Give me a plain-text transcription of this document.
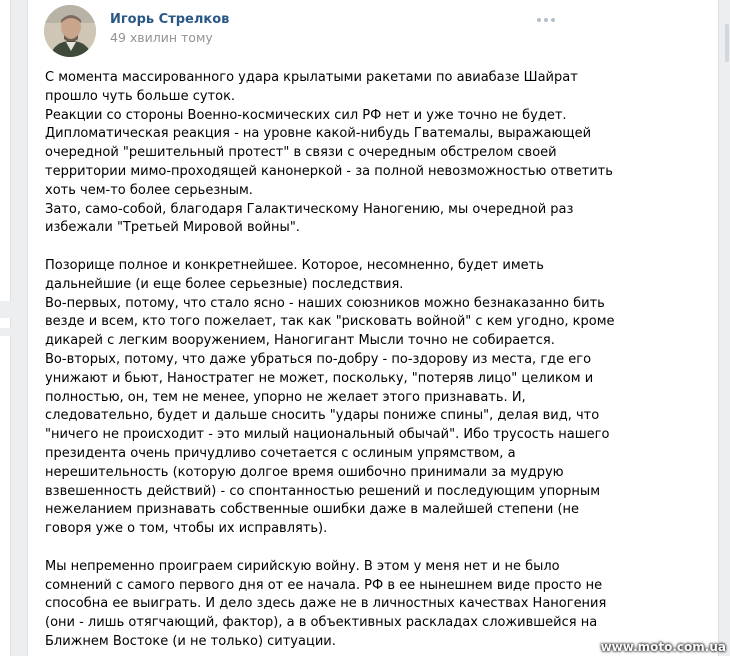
Игорь Стрелков
49 хвилин тому
С момента массированного удара крылатыми ракетами по авиабазе Шайрат
прошло чуть больше суток.
Реакции со стороны Военно-космических сил РФ нет и уже точно не будет.
Дипломатическая реакция - на уровне какой-нибудь Гватемалы, выражающей
очередной "решительный протест" в связи с очередным обстрелом своей
территории мимо-проходящей канонеркой - за полной невозможностью ответить
хоть чем-то более серьезным.
Зато, само-собой, благодаря Галактическому Наногению, мы очередной раз
избежали "Третьей Мировой войны".
Позорище полное и конкретнейшее. Которое, несомненно, будет иметь
дальнейшие (и еще более серьезные) последствия.
Во-первых, потому, что стало ясно - наших союзников можно безнаказанно бить
везде и всем, кто того пожелает, так как "рисковать войной" с кем угодно, кроме
дикарей с легким вооружением, Наногигант Мысли точно не собирается.
Во-вторых, потому, что даже убраться по-добру - по-здорову из места, где его
унижают и бьют, Наностратег не может, поскольку, "потеряв лицо" целиком и
полностью, он, тем не менее, упорно не желает этого признавать. И,
следовательно, будет и дальше сносить "удары пониже спины", делая вид, что
"ничего не происходит - это милый национальный обычай". Ибо трусость нашего
президента очень причудливо сочетается с ослиным упрямством, а
нерешительность (которую долгое время ошибочно принимали за мудрую
взвешенность действий) - со спонтанностью решений и последующим упорным
нежеланием признавать собственные ошибки даже в малейшей степени (не
говоря уже о том, чтобы их исправлять).
Мы непременно проиграем сирийскую войну. В этом у меня нет и не было
сомнений с самого первого дня от ее начала. РФ в ее нынешнем виде просто не
способна ее выиграть. И дело здесь даже не в личностных качествах Наногения
(они - лишь отягчающий, фактор), а в объективных раскладах сложившейся на
Ближнем Востоке (и не только) ситуации.	www.moto.com.ua
